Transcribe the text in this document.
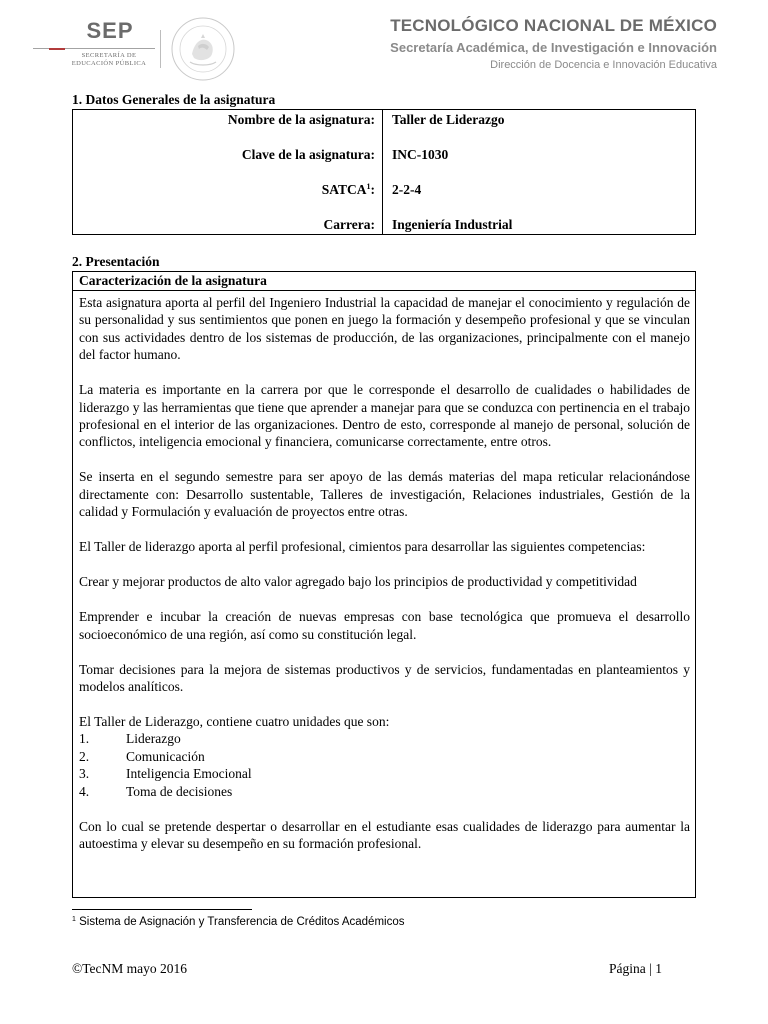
SEP
SECRETARÍA DE
EDUCACIÓN PÚBLICA
TECNOLÓGICO NACIONAL DE MÉXICO
Secretaría Académica, de Investigación e Innovación
Dirección de Docencia e Innovación Educativa
1. Datos Generales de la asignatura
Nombre de la asignatura: Taller de Liderazgo
Clave de la asignatura: INC-1030
SATCA$^1$: 2-2-4
Carrera: Ingeniería Industrial
2. Presentación
Caracterización de la asignatura

Esta asignatura aporta al perfil del Ingeniero Industrial la capacidad de manejar el conocimiento y regulación de su personalidad y sus sentimientos que ponen en juego la formación y desempeño profesional y que se vinculan con sus actividades dentro de los sistemas de producción, de las organizaciones, principalmente con el manejo del factor humano.

La materia es importante en la carrera por que le corresponde el desarrollo de cualidades o habilidades de liderazgo y las herramientas que tiene que aprender a manejar para que se conduzca con pertinencia en el trabajo profesional en el interior de las organizaciones. Dentro de esto, corresponde al manejo de personal, solución de conflictos, inteligencia emocional y financiera, comunicarse correctamente, entre otros.

Se inserta en el segundo semestre para ser apoyo de las demás materias del mapa reticular relacionándose directamente con: Desarrollo sustentable, Talleres de investigación, Relaciones industriales, Gestión de la calidad y Formulación y evaluación de proyectos entre otras.

El Taller de liderazgo aporta al perfil profesional, cimientos para desarrollar las siguientes competencias:

Crear y mejorar productos de alto valor agregado bajo los principios de productividad y competitividad

Emprender e incubar la creación de nuevas empresas con base tecnológica que promueva el desarrollo socioeconómico de una región, así como su constitución legal.

Tomar decisiones para la mejora de sistemas productivos y de servicios, fundamentadas en planteamientos y modelos analíticos.

El Taller de Liderazgo, contiene cuatro unidades que son:
1.	Liderazgo
2.	Comunicación
3.	Inteligencia Emocional
4.	Toma de decisiones

Con lo cual se pretende despertar o desarrollar en el estudiante esas cualidades de liderazgo para aumentar la autoestima y elevar su desempeño en su formación profesional.

$^1$ Sistema de Asignación y Transferencia de Créditos Académicos
©TecNM mayo 2016	Página | 1
